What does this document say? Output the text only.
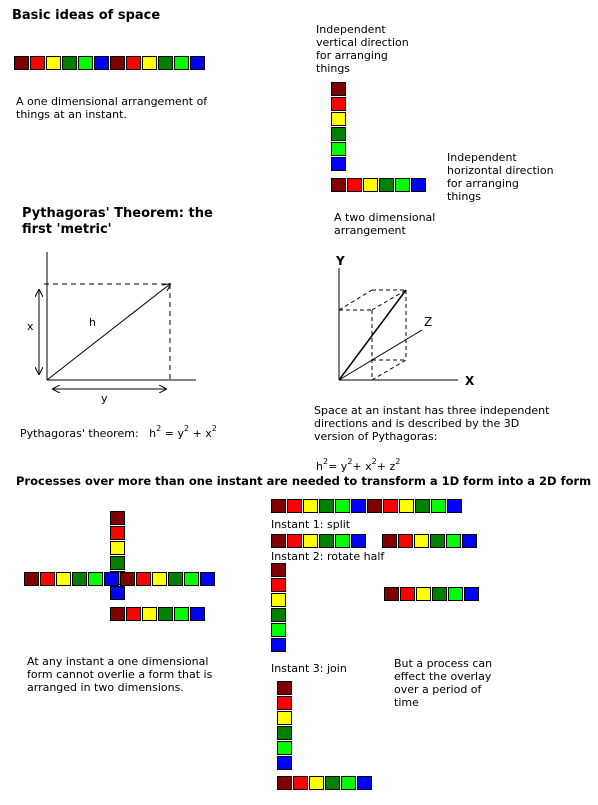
Basic ideas of space
A one dimensional arrangement of
things at an instant.
Independent
vertical direction
for arranging
things
Independent
horizontal direction
for arranging
things
A two dimensional
arrangement
Pythagoras' Theorem: the
first 'metric'
x	h
y
Pythagoras' theorem: $h^2 = y^2 + x^2$
Y
Z
X
Space at an instant has three independent
directions and is described by the 3D
version of Pythagoras:
$h^2= y^2+ x^2+ z^2$
Processes over more than one instant are needed to transform a 1D form into a 2D form
At any instant a one dimensional
form cannot overlie a form that is
arranged in two dimensions.
Instant 1: split
Instant 2: rotate half
Instant 3: join	But a process can
effect the overlay
over a period of
time
